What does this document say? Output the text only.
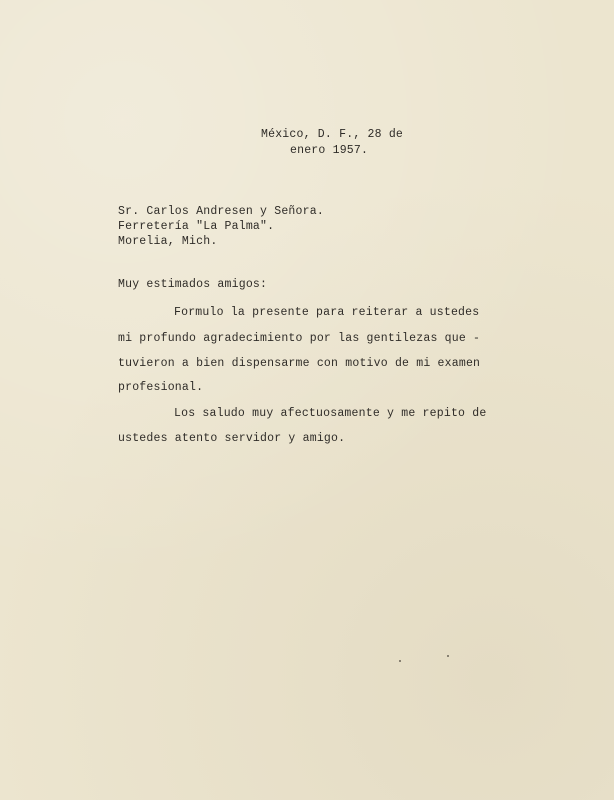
México, D. F., 28 de

enero 1957.

Sr. Carlos Andresen y Señora.

Ferretería "La Palma".

Morelia, Mich.

Muy estimados amigos:

Formulo la presente para reiterar a ustedes

mi profundo agradecimiento por las gentilezas que -

tuvieron a bien dispensarme con motivo de mi examen

profesional.

Los saludo muy afectuosamente y me repito de

ustedes atento servidor y amigo.
